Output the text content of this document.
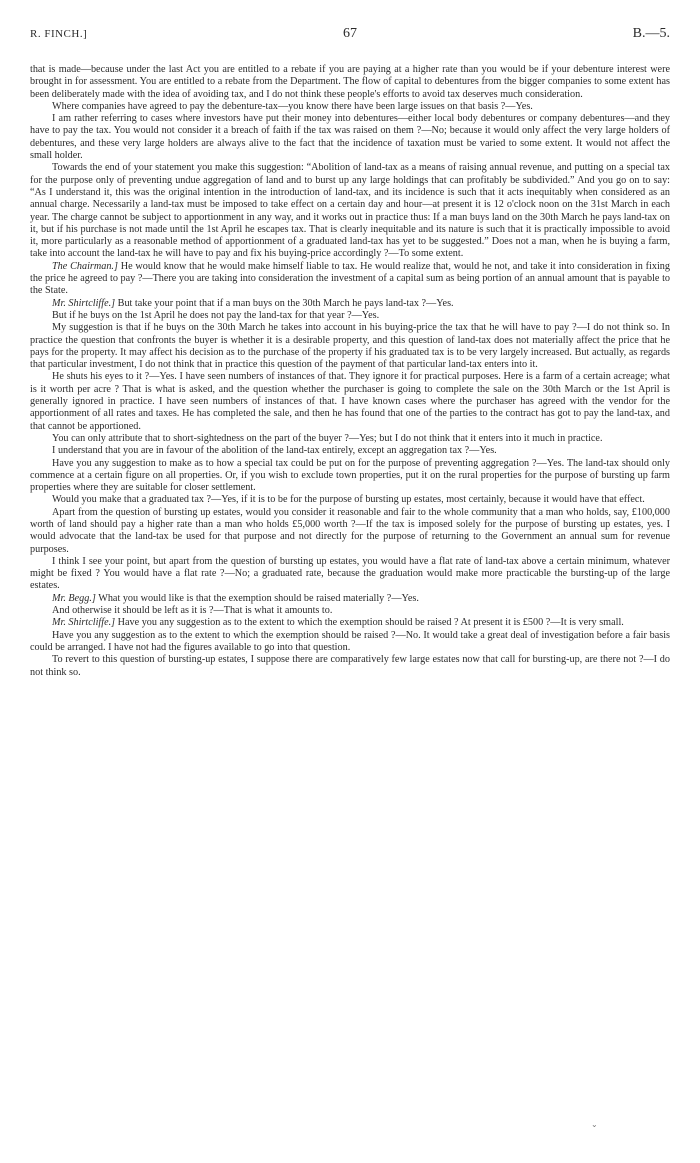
R. FINCH.]	67	B.—5.

that is made—because under the last Act you are entitled to a rebate if you are paying at a higher rate than you would be if your debenture interest were brought in for assessment. You are entitled to a rebate from the Department. The flow of capital to debentures from the bigger companies to some extent has been deliberately made with the idea of avoiding tax, and I do not think these people's efforts to avoid tax deserves much consideration.

Where companies have agreed to pay the debenture-tax—you know there have been large issues on that basis ?—Yes.

I am rather referring to cases where investors have put their money into debentures—either local body debentures or company debentures—and they have to pay the tax. You would not consider it a breach of faith if the tax was raised on them ?—No; because it would only affect the very large holders of debentures, and these very large holders are always alive to the fact that the incidence of taxation must be varied to some extent. It would not affect the small holder.

Towards the end of your statement you make this suggestion: “Abolition of land-tax as a means of raising annual revenue, and putting on a special tax for the purpose only of preventing undue aggregation of land and to burst up any large holdings that can profitably be subdivided.” And you go on to say: “As I understand it, this was the original intention in the introduction of land-tax, and its incidence is such that it acts inequitably when considered as an annual charge. Necessarily a land-tax must be imposed to take effect on a certain day and hour—at present it is 12 o'clock noon on the 31st March in each year. The charge cannot be subject to apportionment in any way, and it works out in practice thus: If a man buys land on the 30th March he pays land-tax on it, but if his purchase is not made until the 1st April he escapes tax. That is clearly inequitable and its nature is such that it is practically impossible to avoid it, more particularly as a reasonable method of apportionment of a graduated land-tax has yet to be suggested.” Does not a man, when he is buying a farm, take into account the land-tax he will have to pay and fix his buying-price accordingly ?—To some extent.

The Chairman.] He would know that he would make himself liable to tax. He would realize that, would he not, and take it into consideration in fixing the price he agreed to pay ?—There you are taking into consideration the investment of a capital sum as being portion of an annual amount that is payable to the State.

Mr. Shirtcliffe.] But take your point that if a man buys on the 30th March he pays land-tax ?—Yes.

But if he buys on the 1st April he does not pay the land-tax for that year ?—Yes.

My suggestion is that if he buys on the 30th March he takes into account in his buying-price the tax that he will have to pay ?—I do not think so. In practice the question that confronts the buyer is whether it is a desirable property, and this question of land-tax does not materially affect the price that he pays for the property. It may affect his decision as to the purchase of the property if his graduated tax is to be very largely increased. But actually, as regards that particular investment, I do not think that in practice this question of the payment of that particular land-tax enters into it.

He shuts his eyes to it ?—Yes. I have seen numbers of instances of that. They ignore it for practical purposes. Here is a farm of a certain acreage; what is it worth per acre ? That is what is asked, and the question whether the purchaser is going to complete the sale on the 30th March or the 1st April is generally ignored in practice. I have seen numbers of instances of that. I have known cases where the purchaser has agreed with the vendor for the apportionment of all rates and taxes. He has completed the sale, and then he has found that one of the parties to the contract has got to pay the land-tax, and that cannot be apportioned.

You can only attribute that to short-sightedness on the part of the buyer ?—Yes; but I do not think that it enters into it much in practice.

I understand that you are in favour of the abolition of the land-tax entirely, except an aggregation tax ?—Yes.

Have you any suggestion to make as to how a special tax could be put on for the purpose of preventing aggregation ?—Yes. The land-tax should only commence at a certain figure on all properties. Or, if you wish to exclude town properties, put it on the rural properties for the purpose of bursting up farm properties where they are suitable for closer settlement.

Would you make that a graduated tax ?—Yes, if it is to be for the purpose of bursting up estates, most certainly, because it would have that effect.

Apart from the question of bursting up estates, would you consider it reasonable and fair to the whole community that a man who holds, say, £100,000 worth of land should pay a higher rate than a man who holds £5,000 worth ?—If the tax is imposed solely for the purpose of bursting up estates, yes. I would advocate that the land-tax be used for that purpose and not directly for the purpose of returning to the Government an annual sum for revenue purposes.

I think I see your point, but apart from the question of bursting up estates, you would have a flat rate of land-tax above a certain minimum, whatever might be fixed ? You would have a flat rate ?—No; a graduated rate, because the graduation would make more practicable the bursting-up of the large estates.

Mr. Begg.] What you would like is that the exemption should be raised materially ?—Yes.

And otherwise it should be left as it is ?—That is what it amounts to.

Mr. Shirtcliffe.] Have you any suggestion as to the extent to which the exemption should be raised ? At present it is £500 ?—It is very small.

Have you any suggestion as to the extent to which the exemption should be raised ?—No. It would take a great deal of investigation before a fair basis could be arranged. I have not had the figures available to go into that question.

To revert to this question of bursting-up estates, I suppose there are comparatively few large estates now that call for bursting-up, are there not ?—I do not think so.

⌄
